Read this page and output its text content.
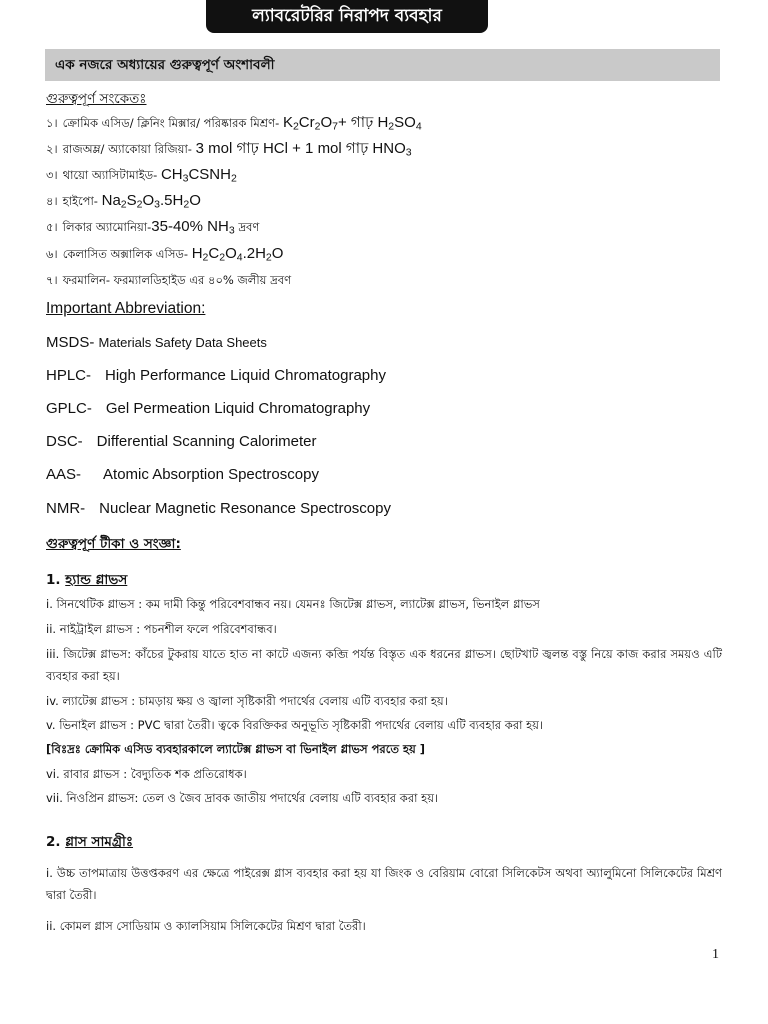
ল্যাবরেটরির নিরাপদ ব্যবহার
এক নজরে অধ্যায়ের গুরুত্বপূর্ণ অংশাবলী
গুরুত্বপূর্ণ সংকেতঃ
১। ক্রোমিক এসিড/ ক্লিনিং মিক্সার/ পরিষ্কারক মিশ্রণ- $K_2Cr_2O_7+$ গাঢ় $H_2SO_4$
২। রাজঅম্ল/ অ্যাকোয়া রিজিয়া- 3 mol গাঢ় HCl + 1 mol গাঢ় $HNO_3$
৩। থায়ো অ্যাসিটামাইড- $CH_3CSNH_2$
৪। হাইপো- $Na_2S_2O_3.5H_2O$
৫। লিকার অ্যামোনিয়া-35-40% $NH_3$ দ্রবণ
৬। কেলাসিত অক্সালিক এসিড- $H_2C_2O_4.2H_2O$
৭। ফরমালিন- ফরম্যালডিহাইড এর ৪০% জলীয় দ্রবণ
Important Abbreviation:
MSDS- Materials Safety Data Sheets
HPLC- High Performance Liquid Chromatography
GPLC- Gel Permeation Liquid Chromatography
DSC- Differential Scanning Calorimeter
AAS- Atomic Absorption Spectroscopy
NMR- Nuclear Magnetic Resonance Spectroscopy
গুরুত্বপূর্ণ টীকা ও সংজ্ঞা:
1. হ্যান্ড গ্লাভস
i. সিনথেটিক গ্লাভস : কম দামী কিন্তু পরিবেশবান্ধব নয়। যেমনঃ জিটেক্স গ্লাভস, ল্যাটেক্স গ্লাভস, ভিনাইল গ্লাভস
ii. নাইট্রাইল গ্লাভস : পচনশীল ফলে পরিবেশবান্ধব।
iii. জিটেক্স গ্লাভস: কাঁচের টুকরায় যাতে হাত না কাটে এজন্য কব্জি পর্যন্ত বিস্তৃত এক ধরনের গ্লাভস। ছোটখাট জ্বলন্ত বস্তু নিয়ে কাজ করার সময়ও এটি ব্যবহার করা হয়।
iv. ল্যাটেক্স গ্লাভস : চামড়ায় ক্ষয় ও জ্বালা সৃষ্টিকারী পদার্থের বেলায় এটি ব্যবহার করা হয়।
v. ভিনাইল গ্লাভস : PVC দ্বারা তৈরী। ত্বকে বিরক্তিকর অনুভূতি সৃষ্টিকারী পদার্থের বেলায় এটি ব্যবহার করা হয়।
[বিঃদ্রঃ ক্রোমিক এসিড ব্যবহারকালে ল্যাটেক্স গ্লাভস বা ভিনাইল গ্লাভস পরতে হয় ]
vi. রাবার গ্লাভস : বৈদ্যুতিক শক প্রতিরোধক।
vii. নিওপ্রিন গ্লাভস: তেল ও জৈব দ্রাবক জাতীয় পদার্থের বেলায় এটি ব্যবহার করা হয়।
2. গ্লাস সামগ্রীঃ
i. উচ্চ তাপমাত্রায় উত্তপ্তকরণ এর ক্ষেত্রে পাইরেক্স গ্লাস ব্যবহার করা হয় যা জিংক ও বেরিয়াম বোরো সিলিকেটস অথবা অ্যালুমিনো সিলিকেটের মিশ্রণ দ্বারা তৈরী।
ii. কোমল গ্লাস সোডিয়াম ও ক্যালসিয়াম সিলিকেটের মিশ্রণ দ্বারা তৈরী।
1
